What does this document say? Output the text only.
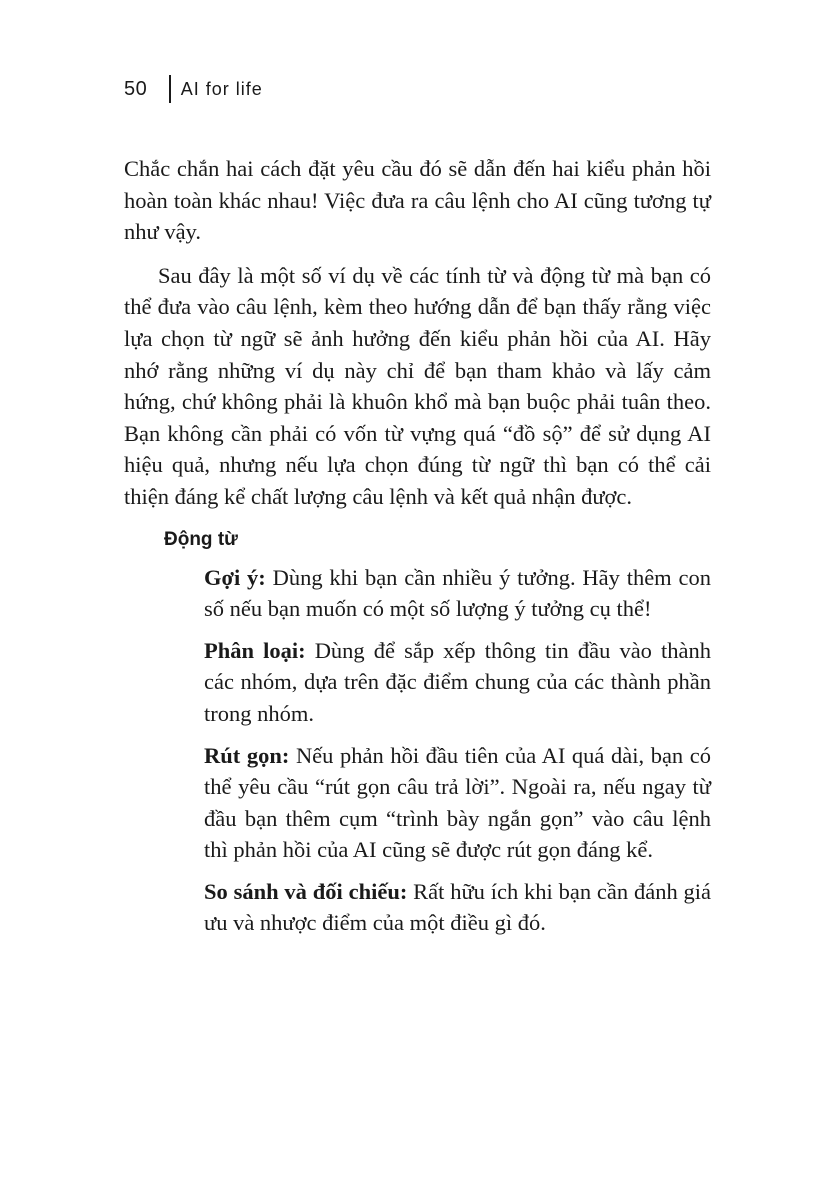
50 AI for life

Chắc chắn hai cách đặt yêu cầu đó sẽ dẫn đến hai kiểu phản hồi hoàn toàn khác nhau! Việc đưa ra câu lệnh cho AI cũng tương tự như vậy.

Sau đây là một số ví dụ về các tính từ và động từ mà bạn có thể đưa vào câu lệnh, kèm theo hướng dẫn để bạn thấy rằng việc lựa chọn từ ngữ sẽ ảnh hưởng đến kiểu phản hồi của AI. Hãy nhớ rằng những ví dụ này chỉ để bạn tham khảo và lấy cảm hứng, chứ không phải là khuôn khổ mà bạn buộc phải tuân theo. Bạn không cần phải có vốn từ vựng quá “đồ sộ” để sử dụng AI hiệu quả, nhưng nếu lựa chọn đúng từ ngữ thì bạn có thể cải thiện đáng kể chất lượng câu lệnh và kết quả nhận được.

Động từ

Gợi ý: Dùng khi bạn cần nhiều ý tưởng. Hãy thêm con số nếu bạn muốn có một số lượng ý tưởng cụ thể!

Phân loại: Dùng để sắp xếp thông tin đầu vào thành các nhóm, dựa trên đặc điểm chung của các thành phần trong nhóm.

Rút gọn: Nếu phản hồi đầu tiên của AI quá dài, bạn có thể yêu cầu “rút gọn câu trả lời”. Ngoài ra, nếu ngay từ đầu bạn thêm cụm “trình bày ngắn gọn” vào câu lệnh thì phản hồi của AI cũng sẽ được rút gọn đáng kể.

So sánh và đối chiếu: Rất hữu ích khi bạn cần đánh giá ưu và nhược điểm của một điều gì đó.
